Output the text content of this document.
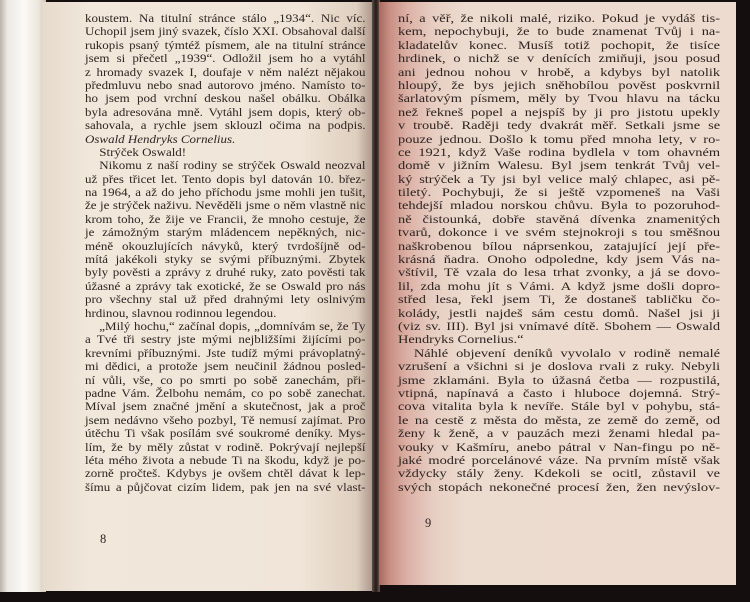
koustem. Na titulní stránce stálo „1934“. Nic víc.
Uchopil jsem jiný svazek, číslo XXI. Obsahoval další
rukopis psaný týmtéž písmem, ale na titulní stránce
jsem si přečetl „1939“. Odložil jsem ho a vytáhl
z hromady svazek I, doufaje v něm nalézt nějakou
předmluvu nebo snad autorovo jméno. Namísto to-
ho jsem pod vrchní deskou našel obálku. Obálka
byla adresována mně. Vytáhl jsem dopis, který ob-
sahovala, a rychle jsem sklouzl očima na podpis.
Oswald Hendryks Cornelius.
Strýček Oswald!
Nikomu z naší rodiny se strýček Oswald neozval
už přes třicet let. Tento dopis byl datován 10. břez-
na 1964, a až do jeho příchodu jsme mohli jen tušit,
že je strýček naživu. Nevěděli jsme o něm vlastně nic
krom toho, že žije ve Francii, že mnoho cestuje, že
je zámožným starým mládencem nepěkných, nic-
méně okouzlujících návyků, který tvrdošíjně od-
mítá jakékoli styky se svými příbuznými. Zbytek
byly pověsti a zprávy z druhé ruky, zato pověsti tak
úžasné a zprávy tak exotické, že se Oswald pro nás
pro všechny stal už před drahnými lety oslnivým
hrdinou, slavnou rodinnou legendou.
„Milý hochu,“ začínal dopis, „domnívám se, že Ty
a Tvé tři sestry jste mými nejbližšími žijícími po-
krevními příbuznými. Jste tudíž mými právoplatný-
mi dědici, a protože jsem neučinil žádnou posled-
ní vůli, vše, co po smrti po sobě zanechám, při-
padne Vám. Želbohu nemám, co po sobě zanechat.
Míval jsem značné jmění a skutečnost, jak a proč
jsem nedávno všeho pozbyl, Tě nemusí zajímat. Pro
útěchu Ti však posílám své soukromé deníky. Mys-
lím, že by měly zůstat v rodině. Pokrývají nejlepší
léta mého života a nebude Ti na škodu, když je po-
zorně pročteš. Kdybys je ovšem chtěl dávat k lep-
šímu a půjčovat cizím lidem, pak jen na své vlast-
ní, a věř, že nikoli malé, riziko. Pokud je vydáš tis-
kem, nepochybuji, že to bude znamenat Tvůj i na-
kladatelův konec. Musíš totiž pochopit, že tisíce
hrdinek, o nichž se v denících zmiňuji, jsou posud
ani jednou nohou v hrobě, a kdybys byl natolik
hloupý, že bys jejich sněhobílou pověst poskvrnil
šarlatovým písmem, měly by Tvou hlavu na tácku
než řekneš popel a nejspíš by ji pro jistotu upekly
v troubě. Raději tedy dvakrát měř. Setkali jsme se
pouze jednou. Došlo k tomu před mnoha lety, v ro-
ce 1921, když Vaše rodina bydlela v tom ohavném
domě v jižním Walesu. Byl jsem tenkrát Tvůj vel-
ký strýček a Ty jsi byl velice malý chlapec, asi pě-
tiletý. Pochybuji, že si ještě vzpomeneš na Vaši
tehdejší mladou norskou chůvu. Byla to pozoruhod-
ně čistounká, dobře stavěná dívenka znamenitých
tvarů, dokonce i ve svém stejnokroji s tou směšnou
naškrobenou bílou náprsenkou, zatajující její pře-
krásná ňadra. Onoho odpoledne, kdy jsem Vás na-
vštívil, Tě vzala do lesa trhat zvonky, a já se dovo-
lil, zda mohu jít s Vámi. A když jsme došli dopro-
střed lesa, řekl jsem Ti, že dostaneš tabličku čo-
kolády, jestli najdeš sám cestu domů. Našel jsi ji
(viz sv. III). Byl jsi vnímavé dítě. Sbohem — Oswald
Hendryks Cornelius.“
Náhlé objevení deníků vyvolalo v rodině nemalé
vzrušení a všichni si je doslova rvali z ruky. Nebyli
jsme zklamáni. Byla to úžasná četba — rozpustilá,
vtipná, napínavá a často i hluboce dojemná. Strý-
cova vitalita byla k nevíře. Stále byl v pohybu, stá-
le na cestě z města do města, ze země do země, od
ženy k ženě, a v pauzách mezi ženami hledal pa-
vouky v Kašmíru, anebo pátral v Nan-fingu po ně-
jaké modré porcelánové váze. Na prvním místě však
vždycky stály ženy. Kdekoli se ocitl, zůstavil ve
svých stopách nekonečné procesí žen, žen nevýslov-
8
9
